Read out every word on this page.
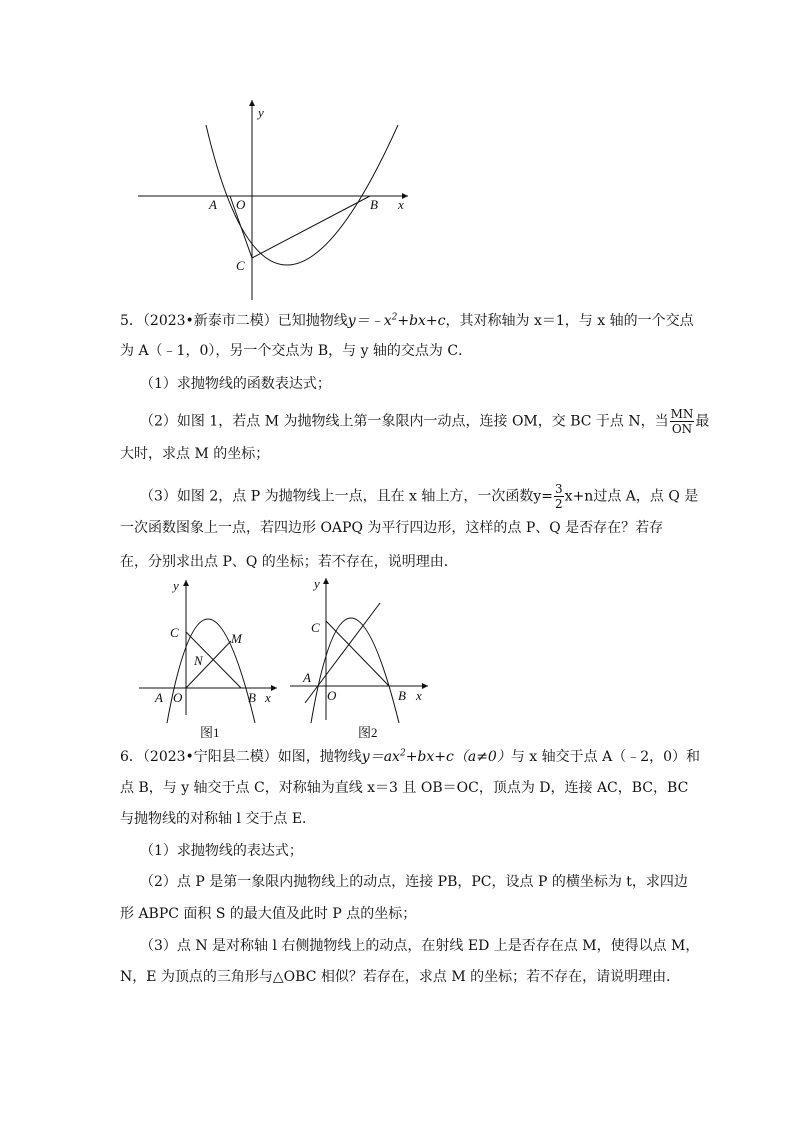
y
x
A O	B
C
5．（2023•新泰市二模）已知抛物线$y=﹣x^2+bx+c$，其对称轴为 x＝1，与 x 轴的一个交点
为 A（﹣1，0），另一个交点为 B，与 y 轴的交点为 C．
（1）求抛物线的函数表达式；
（2）如图 1，若点 M 为抛物线上第一象限内一动点，连接 OM，交 BC 于点 N，当 $\frac{MN}{ON}$ 最
大时，求点 M 的坐标；
（3）如图 2，点 P 为抛物线上一点，且在 x 轴上方，一次函数$y= \frac{3}{2} x+n$过点 A，点 Q 是
一次函数图象上一点，若四边形 OAPQ 为平行四边形，这样的点 P、Q 是否存在？若存
在，分别求出点 P、Q 的坐标；若不存在，说明理由．
y
x
C	M
N
A O	B
图1
y
x
C
A
O	B
图2
6．（2023•宁阳县二模）如图，抛物线$y=ax^2+bx+c(a\ne 0)$与 x 轴交于点 A（﹣2，0）和
点 B，与 y 轴交于点 C，对称轴为直线 x＝3 且 OB＝OC，顶点为 D，连接 AC，BC，BC
与抛物线的对称轴 l 交于点 E．
（1）求抛物线的表达式；
（2）点 P 是第一象限内抛物线上的动点，连接 PB，PC，设点 P 的横坐标为 t，求四边
形 ABPC 面积 S 的最大值及此时 P 点的坐标；
（3）点 N 是对称轴 l 右侧抛物线上的动点，在射线 ED 上是否存在点 M，使得以点 M，
N，E 为顶点的三角形与△OBC 相似？若存在，求点 M 的坐标；若不存在，请说明理由．
